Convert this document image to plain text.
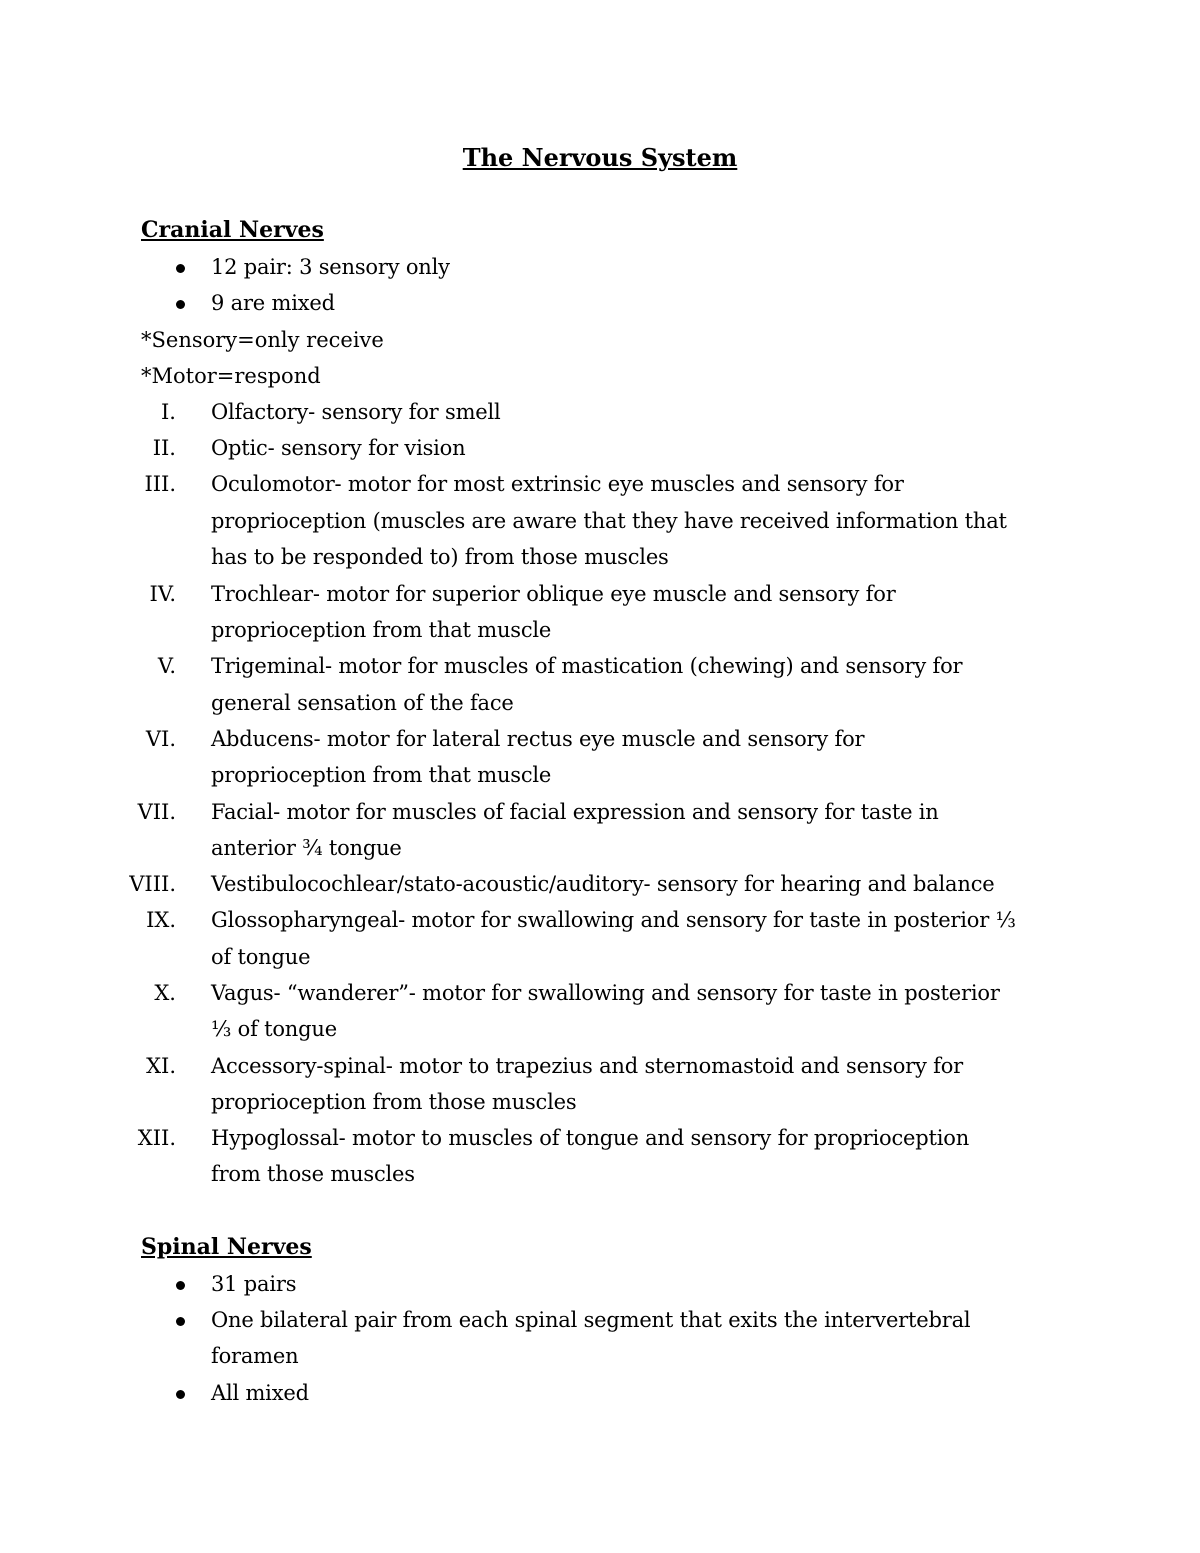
The Nervous System
Cranial Nerves
12 pair: 3 sensory only
9 are mixed
*Sensory=only receive
*Motor=respond
I. Olfactory- sensory for smell
II. Optic- sensory for vision
III. Oculomotor- motor for most extrinsic eye muscles and sensory for
proprioception (muscles are aware that they have received information that
has to be responded to) from those muscles
IV. Trochlear- motor for superior oblique eye muscle and sensory for
proprioception from that muscle
V. Trigeminal- motor for muscles of mastication (chewing) and sensory for
general sensation of the face
VI. Abducens- motor for lateral rectus eye muscle and sensory for
proprioception from that muscle
VII. Facial- motor for muscles of facial expression and sensory for taste in
anterior ¾ tongue
VIII. Vestibulocochlear/stato-acoustic/auditory- sensory for hearing and balance
IX. Glossopharyngeal- motor for swallowing and sensory for taste in posterior ⅓
of tongue
X. Vagus- “wanderer”- motor for swallowing and sensory for taste in posterior
⅓ of tongue
XI. Accessory-spinal- motor to trapezius and sternomastoid and sensory for
proprioception from those muscles
XII. Hypoglossal- motor to muscles of tongue and sensory for proprioception
from those muscles
Spinal Nerves
31 pairs
One bilateral pair from each spinal segment that exits the intervertebral
foramen
All mixed
